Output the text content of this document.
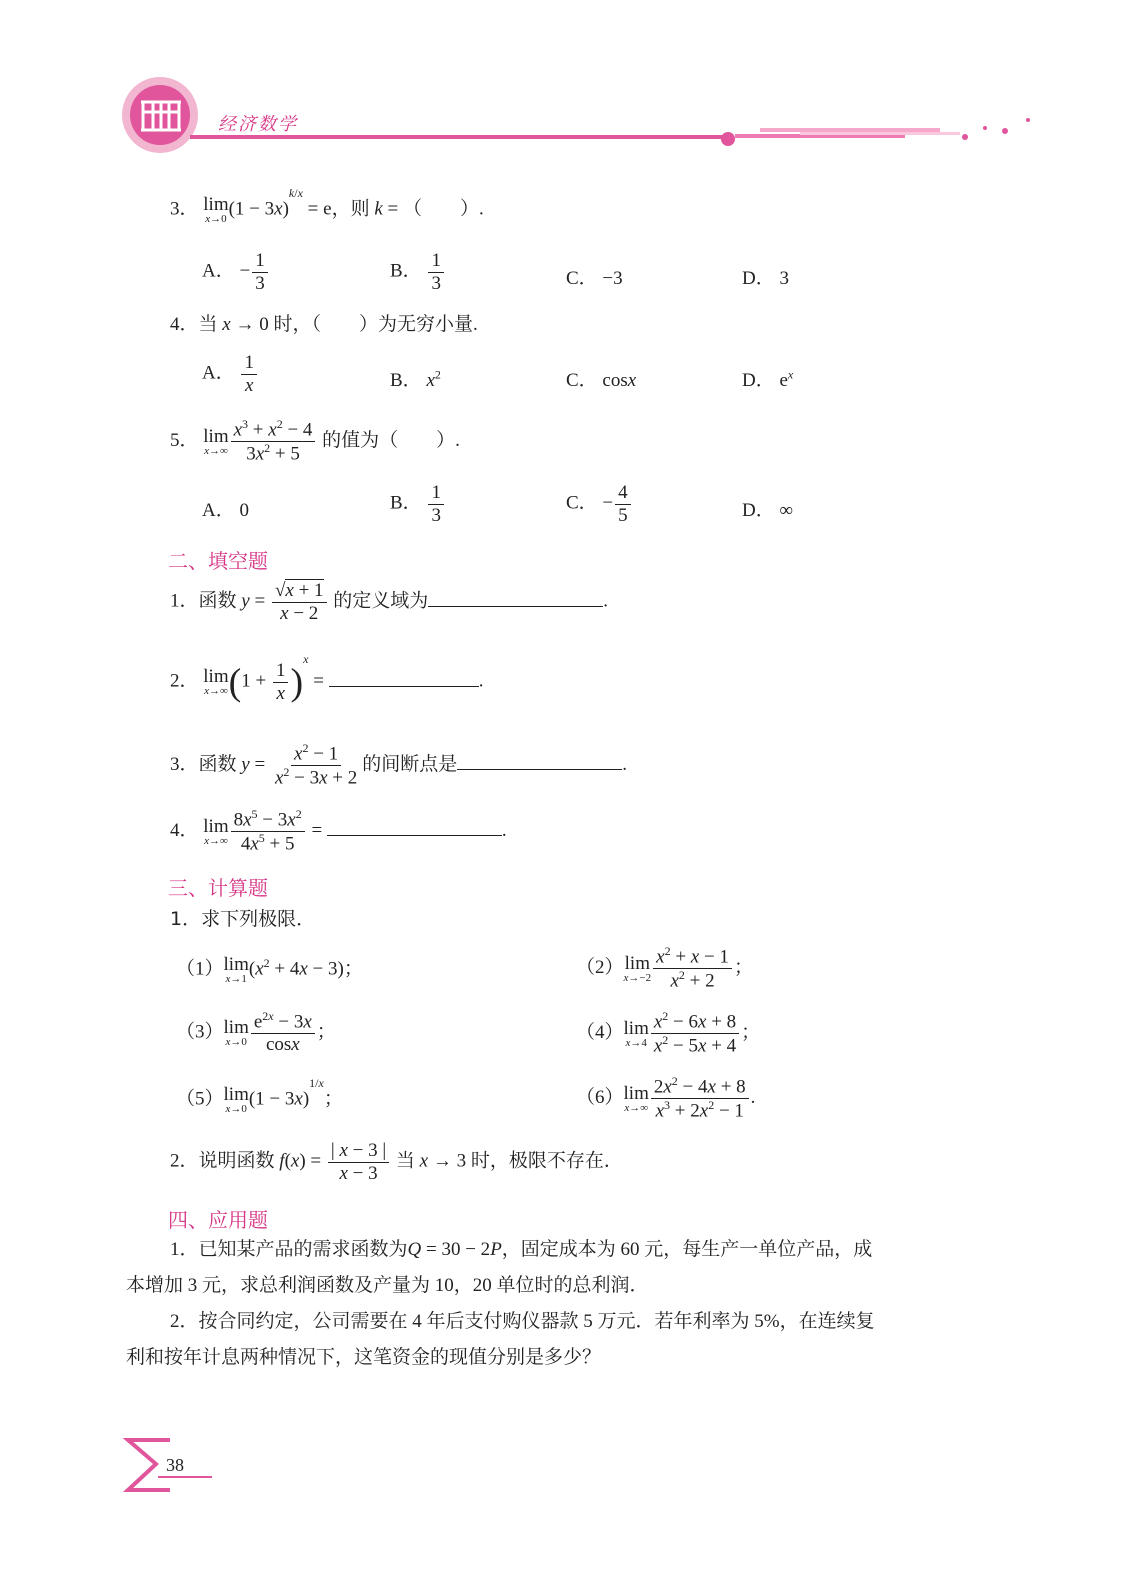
经济数学
3． lim
x→0 $(1 - 3x)^{k/x} = e$，则 k = （　　）.
A． − $\frac{1}{3}$	B． $\frac{1}{3}$	C． −3	D． 3
4．当 x → 0 时，（　　）为无穷小量.
A． $\frac{1}{x}$	B． $x^2$	C． cosx	D． $e^x$
5． lim
$x\to\infty \frac{x^3 + x^2 - 4}{3x^2 + 5}$ 的值为（　　）.
A． 0	B． $\frac{1}{3}$	C． − $\frac{4}{5}$	D． ∞
二、填空题
1．函数 $y = \frac{√x + 1}{x - 2}$ 的定义域为	.
2． lim
x→∞ $(1 + \frac{1}{x} )^x$ =	.
3．函数 $y = \frac{x^2 - 1}{x^2 - 3x + 2}$ 的间断点是	.
4． lim
$x\to\infty \frac{8x^5 - 3x^2}{4x^5 + 5}$ =	.
三、计算题
1．求下列极限．
（1） lim
x→1 $(x^2 + 4x - 3)$；	（2） lim
$x\to-2 \frac{x^2 + x - 1}{x^2 + 2}$ ；
（3） lim
$x\to 0 \frac{e^{2x} - 3x}{\cos x}$ ；	（4） lim
$x\to 4 \frac{x^2 - 6x + 8}{x^2 - 5x + 4}$ ；
（5） lim
x→0 $(1 - 3x)^{1/x}$；	（6） lim
$x\to\infty \frac{2x^2 - 4x + 8}{x^3 + 2x^2 - 1}$ .
2．说明函数 $f(x) = \frac{| x - 3 |}{x - 3}$ 当 x → 3 时，极限不存在．
四、应用题
1．已知某产品的需求函数为Q = 30 − 2P，固定成本为 60 元，每生产一单位产品，成
本增加 3 元，求总利润函数及产量为 10，20 单位时的总利润．
2．按合同约定，公司需要在 4 年后支付购仪器款 5 万元．若年利率为 5%，在连续复
利和按年计息两种情况下，这笔资金的现值分别是多少？
38
